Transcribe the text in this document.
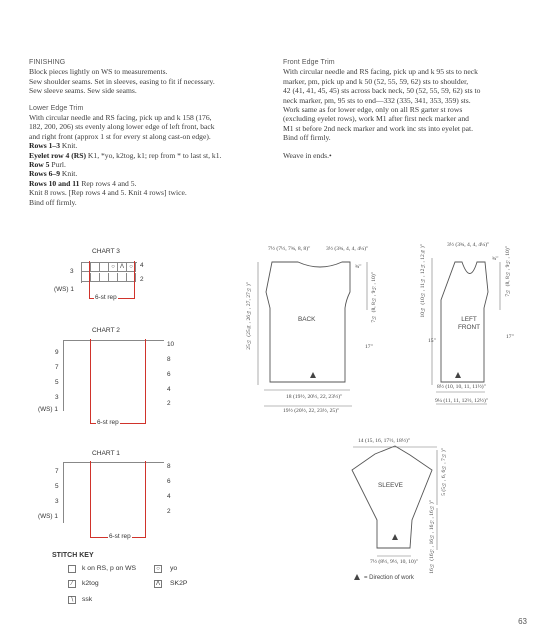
FINISHING
Block pieces lightly on WS to measurements.
Sew shoulder seams. Set in sleeves, easing to fit if necessary.
Sew sleeve seams. Sew side seams.
Lower Edge Trim
With circular needle and RS facing, pick up and k 158 (176,
182, 200, 206) sts evenly along lower edge of left front, back
and right front (approx 1 st for every st along cast-on edge).
Rows 1–3 Knit.
Eyelet row 4 (RS) K1, *yo, k2tog, k1; rep from * to last st, k1.
Row 5 Purl.
Rows 6–9 Knit.
Rows 10 and 11 Rep rows 4 and 5.
Knit 8 rows. [Rep rows 4 and 5. Knit 4 rows] twice.
Bind off firmly.
Front Edge Trim
With circular needle and RS facing, pick up and k 95 sts to neck
marker, pm, pick up and k 50 (52, 55, 59, 62) sts to shoulder,
42 (41, 41, 45, 45) sts across back neck, 50 (52, 55, 59, 62) sts to
neck marker, pm, 95 sts to end—332 (335, 341, 353, 359) sts.
Work same as for lower edge, only on all RS garter st rows
(excluding eyelet rows), work M1 after first neck marker and
M1 st before 2nd neck marker and work inc sts into eyelet pat.
Bind off firmly.
Weave in ends.•
CHART 3
○ Λ ○
3
(WS) 1
4
2
6-st rep
CHART 2
9
7
5
3
(WS) 1
10
8
6
4
2
6-st rep
CHART 1
7
5
3
(WS) 1
8
6
4
2
6-st rep
STITCH KEY
k on RS, p on WS
⁄	k2tog
∖	ssk
○	yo
Λ SK2P
BACK	LEFT FRONT
SLEEVE
7½ (7½, 7¾, 8, 8)"	3½ (3¾, 4, 4, 4¼)"
¾"
7½ (8, 8½, 9½, 10)"
25½ (25¾, 26¼, 27, 27½)"	17"
18 (19½, 20½, 22, 23½)"
19½ (20½, 22, 23½, 25)"
3½ (3¾, 4, 4, 4¼)"
¾"
10¼ (10½, 11¼, 12¼, 12¾)"	7½ (8, 8½, 9½, 10)"
15"
17"
8½ (10, 10, 11, 11½)"
9¼ (11, 11, 12½, 12½)"
14 (15, 16, 17½, 18½)"
5 (5½, 6, 6½, 7½)"
16½ (16½, 16½, 16½, 16½)"
7½ (8½, 9½, 10, 10)"
= Direction of work
63
